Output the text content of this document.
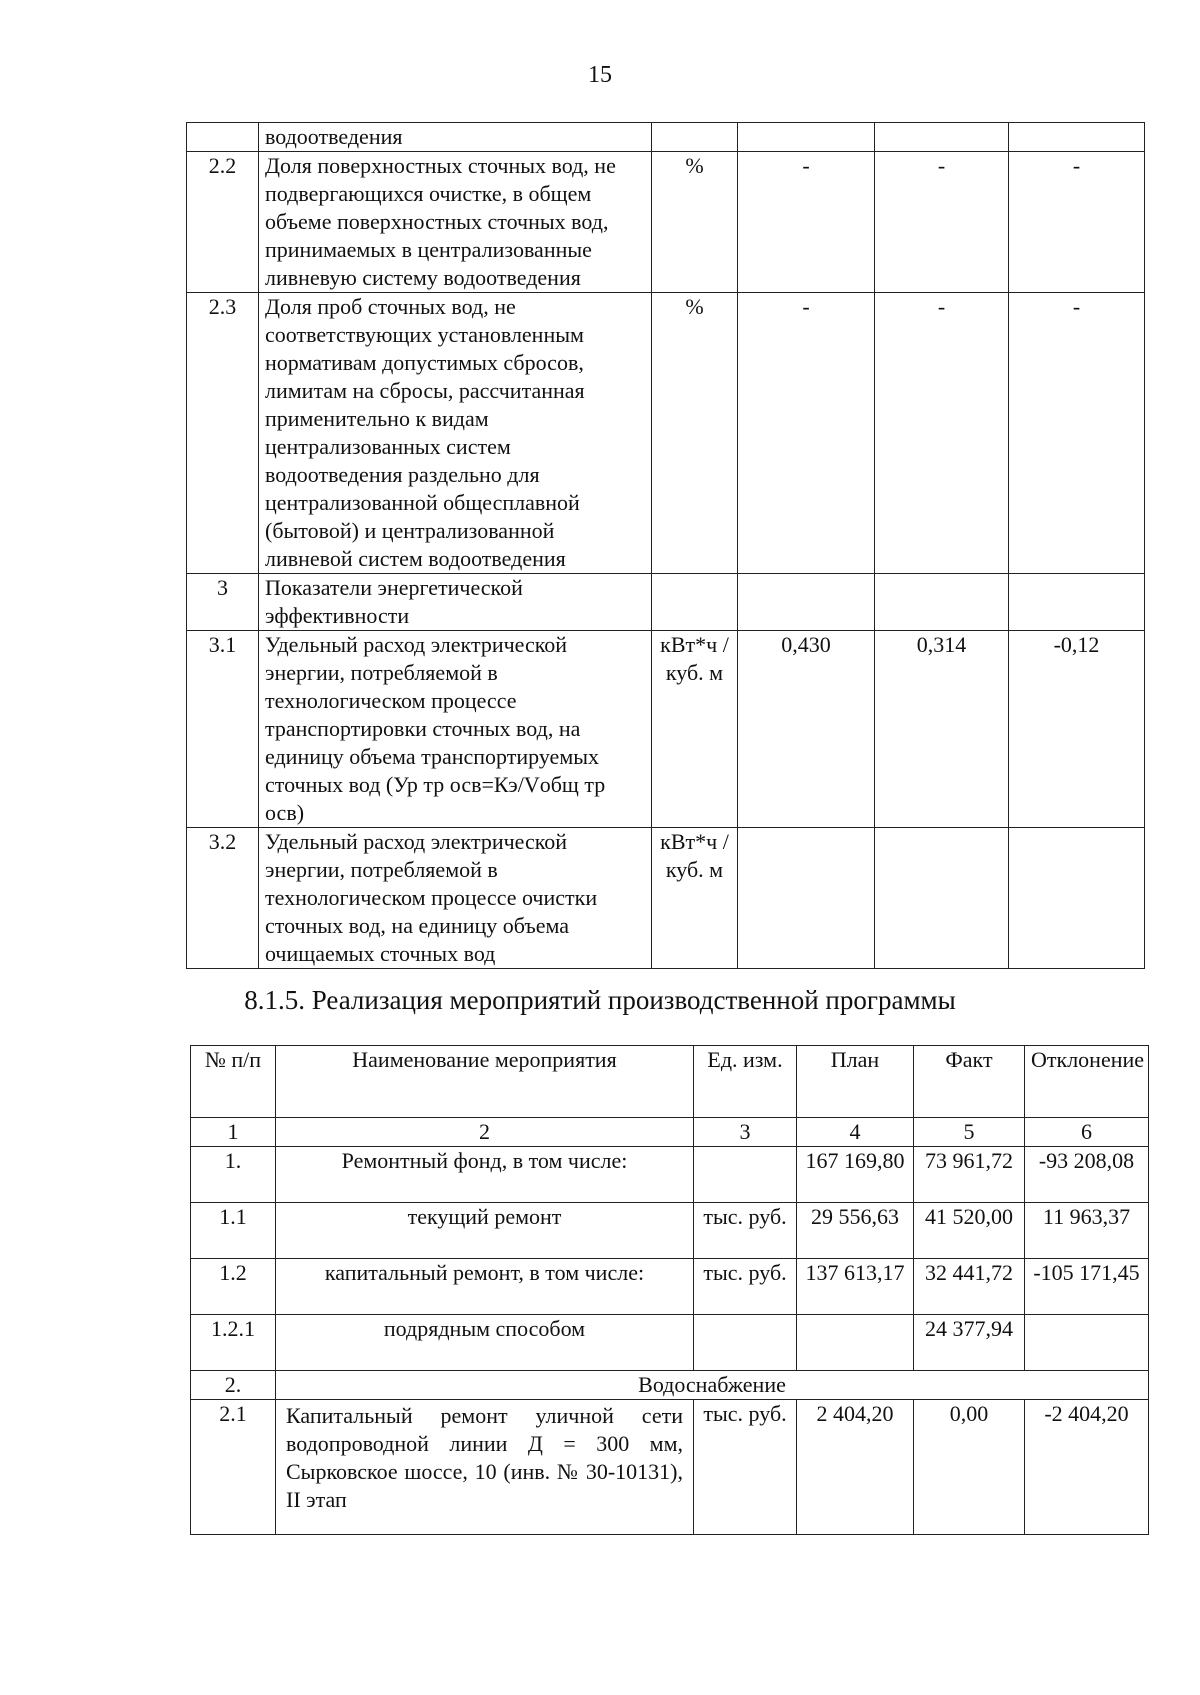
15
	водоотведения				
2.2	Доля поверхностных сточных вод, не подвергающихся очистке, в общем объеме поверхностных сточных вод, принимаемых в централизованные ливневую систему водоотведения	%	-	-	-
2.3	Доля проб сточных вод, не соответствующих установленным нормативам допустимых сбросов, лимитам на сбросы, рассчитанная применительно к видам централизованных систем водоотведения раздельно для централизованной общесплавной (бытовой) и централизованной ливневой систем водоотведения	%	-	-	-
3	Показатели энергетической эффективности				
3.1	Удельный расход электрической энергии, потребляемой в технологическом процессе транспортировки сточных вод, на единицу объема транспортируемых сточных вод (Ур тр осв=Кэ/Vобщ тр осв)	кВт*ч /куб. м	0,430	0,314	-0,12
3.2	Удельный расход электрической энергии, потребляемой в технологическом процессе очистки сточных вод, на единицу объема очищаемых сточных вод	кВт*ч /куб. м			
8.1.5. Реализация мероприятий производственной программы
№ п/п	Наименование мероприятия	Ед. изм.	План	Факт	Отклонение
1	2	3	4	5	6
1.	Ремонтный фонд, в том числе:		167 169,80	73 961,72	-93 208,08
1.1	текущий ремонт	тыс. руб.	29 556,63	41 520,00	11 963,37
1.2	капитальный ремонт, в том числе:	тыс. руб.	137 613,17	32 441,72	-105 171,45
1.2.1	подрядным способом			24 377,94	
2.	Водоснабжение				
2.1	Капитальный ремонт уличной сети водопроводной линии Д = 300 мм, Сырковское шоссе, 10 (инв. № 30-10131), II этап	тыс. руб.	2 404,20	0,00	-2 404,20
